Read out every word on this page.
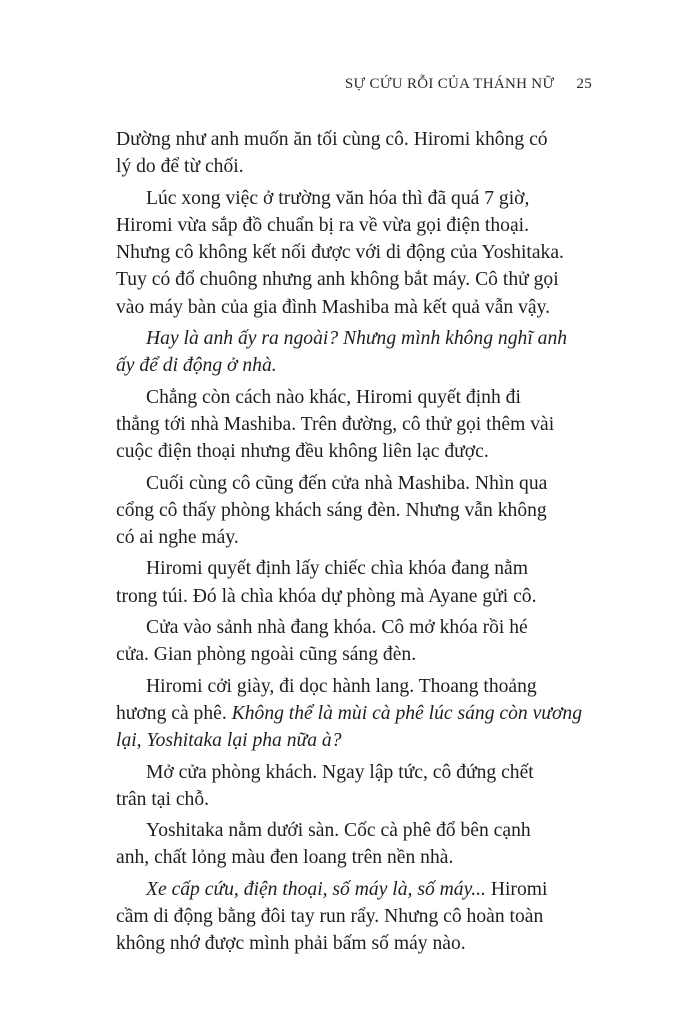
SỰ CỨU RỖI CỦA THÁNH NỮ 25
Dường như anh muốn ăn tối cùng cô. Hiromi không có
lý do để từ chối.
Lúc xong việc ở trường văn hóa thì đã quá 7 giờ,
Hiromi vừa sắp đồ chuẩn bị ra về vừa gọi điện thoại.
Nhưng cô không kết nối được với di động của Yoshitaka.
Tuy có đổ chuông nhưng anh không bắt máy. Cô thử gọi
vào máy bàn của gia đình Mashiba mà kết quả vẫn vậy.
Hay là anh ấy ra ngoài? Nhưng mình không nghĩ anh
ấy để di động ở nhà.
Chẳng còn cách nào khác, Hiromi quyết định đi
thẳng tới nhà Mashiba. Trên đường, cô thử gọi thêm vài
cuộc điện thoại nhưng đều không liên lạc được.
Cuối cùng cô cũng đến cửa nhà Mashiba. Nhìn qua
cổng cô thấy phòng khách sáng đèn. Nhưng vẫn không
có ai nghe máy.
Hiromi quyết định lấy chiếc chìa khóa đang nằm
trong túi. Đó là chìa khóa dự phòng mà Ayane gửi cô.
Cửa vào sảnh nhà đang khóa. Cô mở khóa rồi hé
cửa. Gian phòng ngoài cũng sáng đèn.
Hiromi cởi giày, đi dọc hành lang. Thoang thoảng
hương cà phê. Không thể là mùi cà phê lúc sáng còn vương
lại, Yoshitaka lại pha nữa à?
Mở cửa phòng khách. Ngay lập tức, cô đứng chết
trân tại chỗ.
Yoshitaka nằm dưới sàn. Cốc cà phê đổ bên cạnh
anh, chất lỏng màu đen loang trên nền nhà.
Xe cấp cứu, điện thoại, số máy là, số máy... Hiromi
cầm di động bằng đôi tay run rẩy. Nhưng cô hoàn toàn
không nhớ được mình phải bấm số máy nào.
